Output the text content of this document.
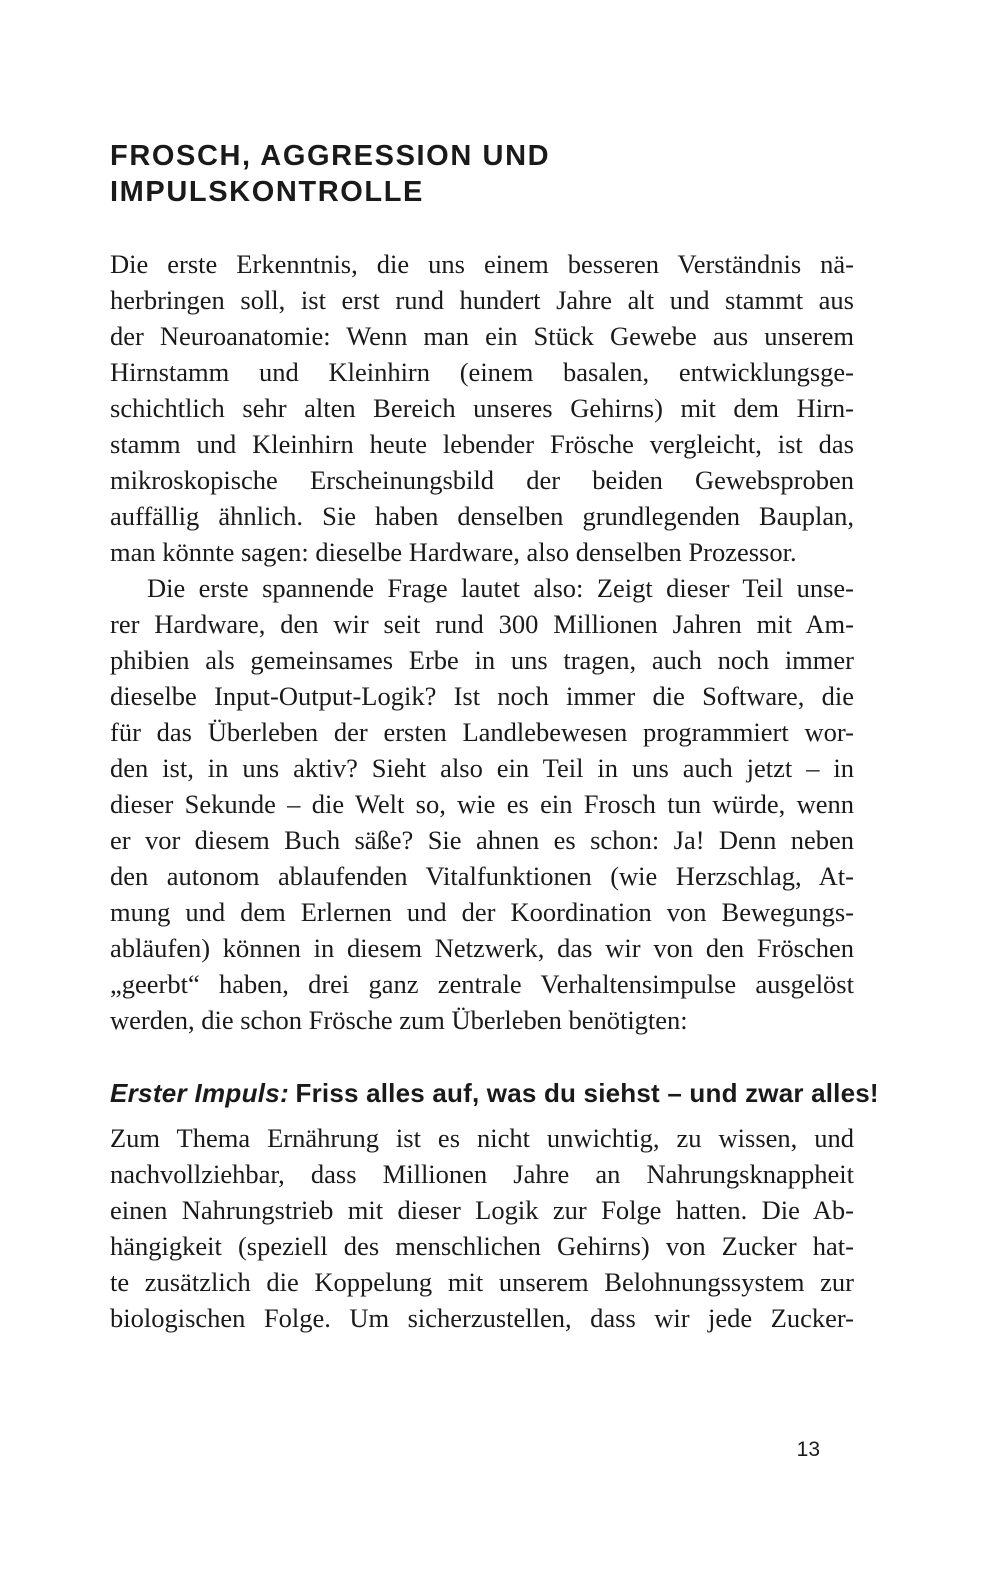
FROSCH, AGGRESSION UND
IMPULSKONTROLLE
Die erste Erkenntnis, die uns einem besseren Verständnis nä-
herbringen soll, ist erst rund hundert Jahre alt und stammt aus
der Neuroanatomie: Wenn man ein Stück Gewebe aus unserem
Hirnstamm und Kleinhirn (einem basalen, entwicklungsge-
schichtlich sehr alten Bereich unseres Gehirns) mit dem Hirn-
stamm und Kleinhirn heute lebender Frösche vergleicht, ist das
mikroskopische Erscheinungsbild der beiden Gewebsproben
auffällig ähnlich. Sie haben denselben grundlegenden Bauplan,
man könnte sagen: dieselbe Hardware, also denselben Prozessor.
Die erste spannende Frage lautet also: Zeigt dieser Teil unse-
rer Hardware, den wir seit rund 300 Millionen Jahren mit Am-
phibien als gemeinsames Erbe in uns tragen, auch noch immer
dieselbe Input-Output-Logik? Ist noch immer die Software, die
für das Überleben der ersten Landlebewesen programmiert wor-
den ist, in uns aktiv? Sieht also ein Teil in uns auch jetzt – in
dieser Sekunde – die Welt so, wie es ein Frosch tun würde, wenn
er vor diesem Buch säße? Sie ahnen es schon: Ja! Denn neben
den autonom ablaufenden Vitalfunktionen (wie Herzschlag, At-
mung und dem Erlernen und der Koordination von Bewegungs-
abläufen) können in diesem Netzwerk, das wir von den Fröschen
„geerbt“ haben, drei ganz zentrale Verhaltensimpulse ausgelöst
werden, die schon Frösche zum Überleben benötigten:
Erster Impuls: Friss alles auf, was du siehst – und zwar alles!
Zum Thema Ernährung ist es nicht unwichtig, zu wissen, und
nachvollziehbar, dass Millionen Jahre an Nahrungsknappheit
einen Nahrungstrieb mit dieser Logik zur Folge hatten. Die Ab-
hängigkeit (speziell des menschlichen Gehirns) von Zucker hat-
te zusätzlich die Koppelung mit unserem Belohnungssystem zur
biologischen Folge. Um sicherzustellen, dass wir jede Zucker-
13
